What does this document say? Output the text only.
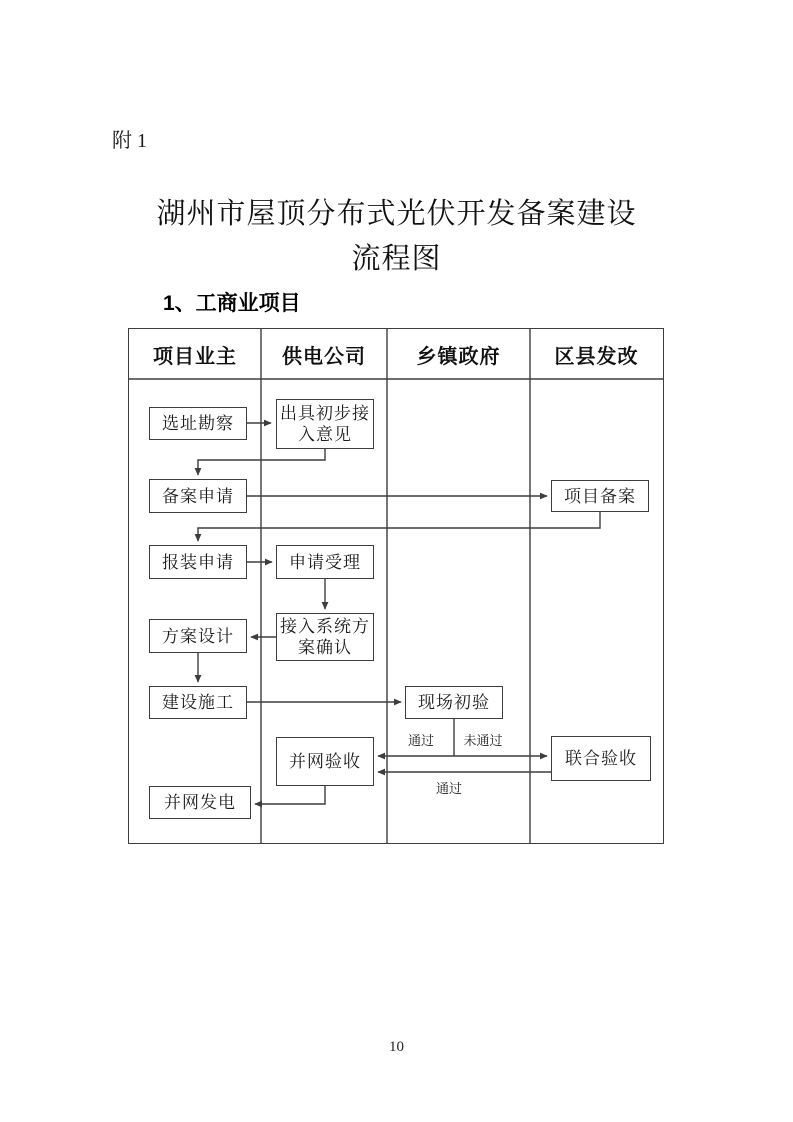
附 1
湖州市屋顶分布式光伏开发备案建设
流程图
1、工商业项目
项目业主	供电公司	乡镇政府	区县发改
选址勘察
出具初步接入意见
备案申请	项目备案
报装申请	申请受理
接入系统方案确认
方案设计
建设施工	现场初验
并网验收	联合验收
并网发电
通过	未通过
通过
10
